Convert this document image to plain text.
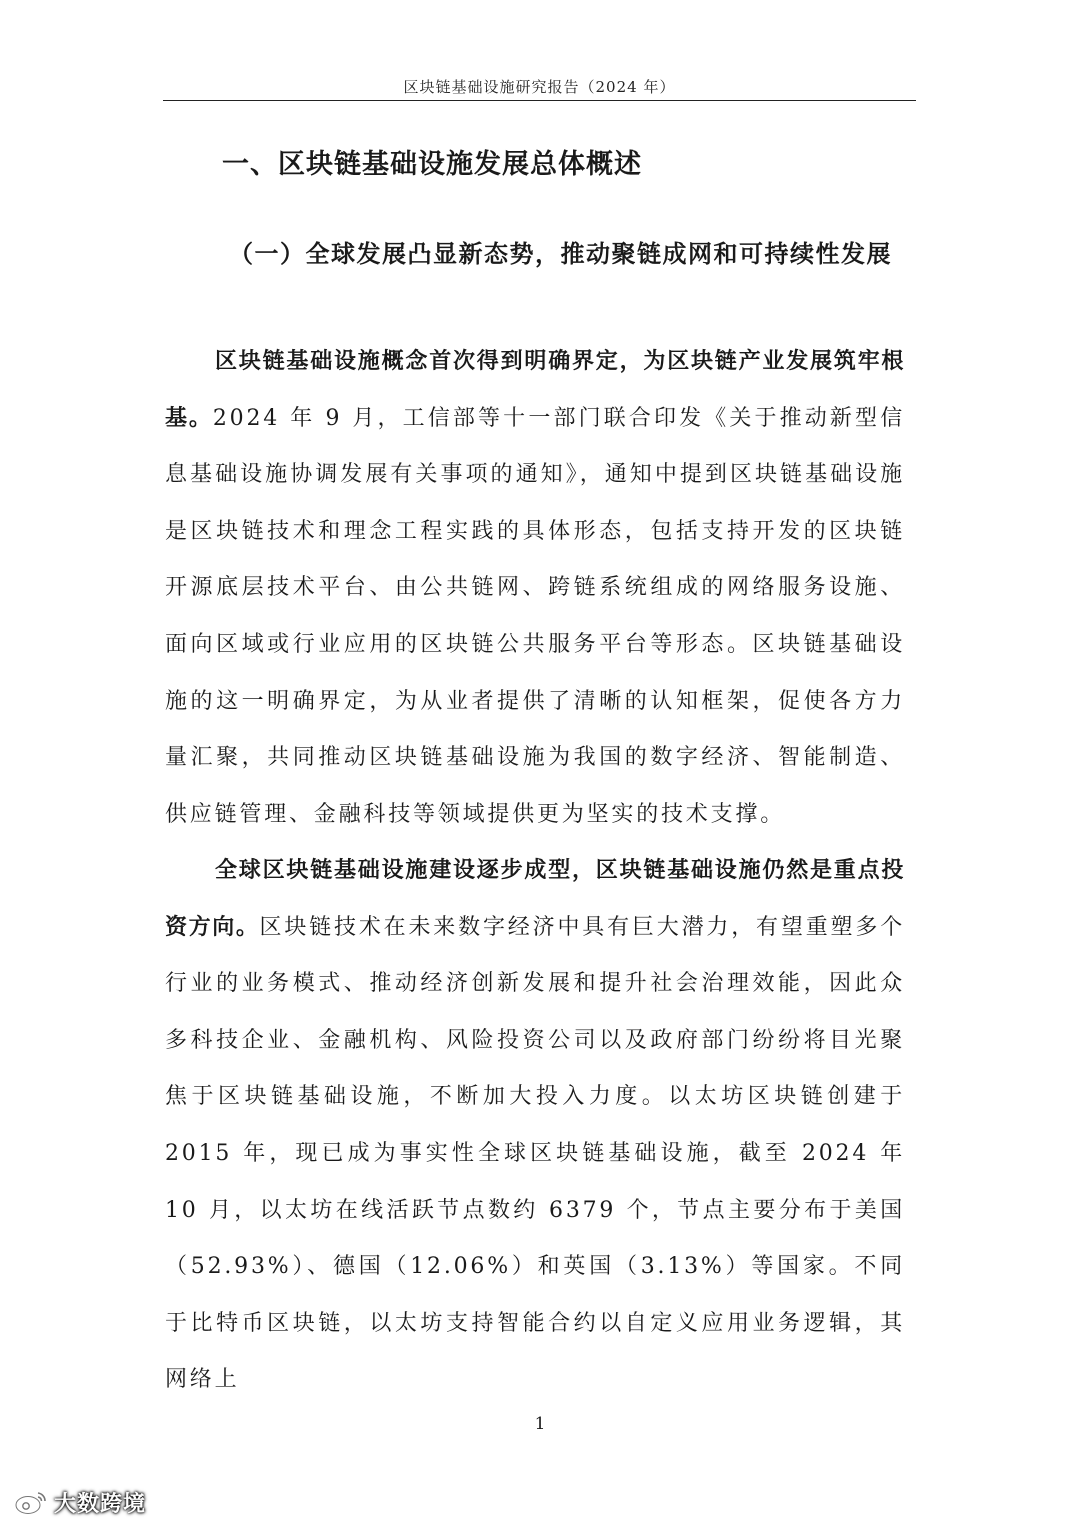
区块链基础设施研究报告（2024 年）
一、区块链基础设施发展总体概述
（一）全球发展凸显新态势，推动聚链成网和可持续性发展
区块链基础设施概念首次得到明确界定，为区块链产业发展筑牢根基。2024 年 9 月，工信部等十一部门联合印发《关于推动新型信息基础设施协调发展有关事项的通知》，通知中提到区块链基础设施是区块链技术和理念工程实践的具体形态，包括支持开发的区块链开源底层技术平台、由公共链网、跨链系统组成的网络服务设施、面向区域或行业应用的区块链公共服务平台等形态。区块链基础设施的这一明确界定，为从业者提供了清晰的认知框架，促使各方力量汇聚，共同推动区块链基础设施为我国的数字经济、智能制造、供应链管理、金融科技等领域提供更为坚实的技术支撑。
全球区块链基础设施建设逐步成型，区块链基础设施仍然是重点投资方向。区块链技术在未来数字经济中具有巨大潜力，有望重塑多个行业的业务模式、推动经济创新发展和提升社会治理效能，因此众多科技企业、金融机构、风险投资公司以及政府部门纷纷将目光聚焦于区块链基础设施，不断加大投入力度。以太坊区块链创建于 2015 年，现已成为事实性全球区块链基础设施，截至 2024 年 10 月，以太坊在线活跃节点数约 6379 个，节点主要分布于美国（52.93%）、德国（12.06%）和英国（3.13%）等国家。不同于比特币区块链，以太坊支持智能合约以自定义应用业务逻辑，其网络上
1
大数跨境
